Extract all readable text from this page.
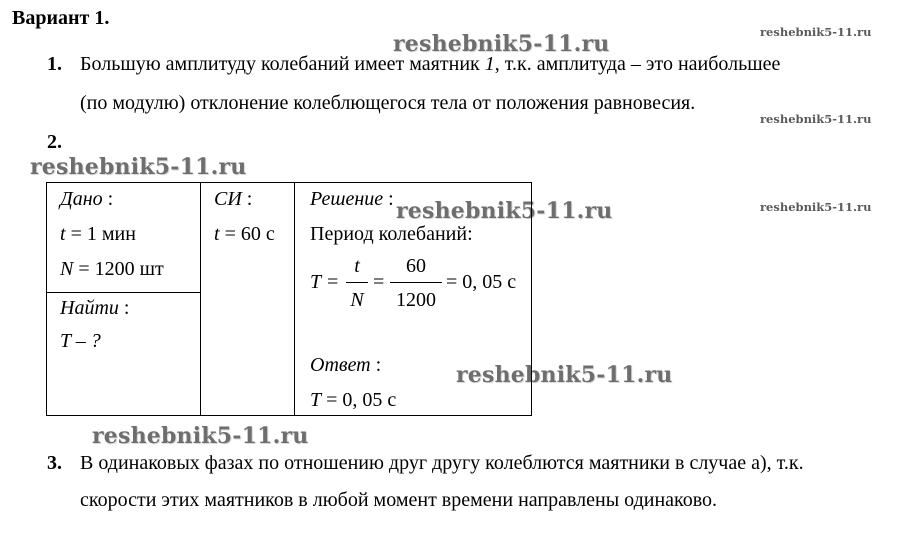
Вариант 1.
reshebnik5-11.ru	reshebnik5-11.ru
reshebnik5-11.ru
reshebnik5-11.ru
reshebnik5-11.ru	reshebnik5-11.ru
reshebnik5-11.ru
reshebnik5-11.ru
1. Большую амплитуду колебаний имеет маятник 1, т.к. амплитуда – это наибольшее
(по модулю) отклонение колеблющегося тела от положения равновесия.
2.
Дано :
t = 1 мин
N = 1200 шт
Найти :
T – ?
СИ :
t = 60 с
Решение :
Период колебаний:
T =
t
N
=
60
1200
= 0, 05 с
Ответ :
T = 0, 05 с
3. В одинаковых фазах по отношению друг другу колеблются маятники в случае а), т.к.
скорости этих маятников в любой момент времени направлены одинаково.
